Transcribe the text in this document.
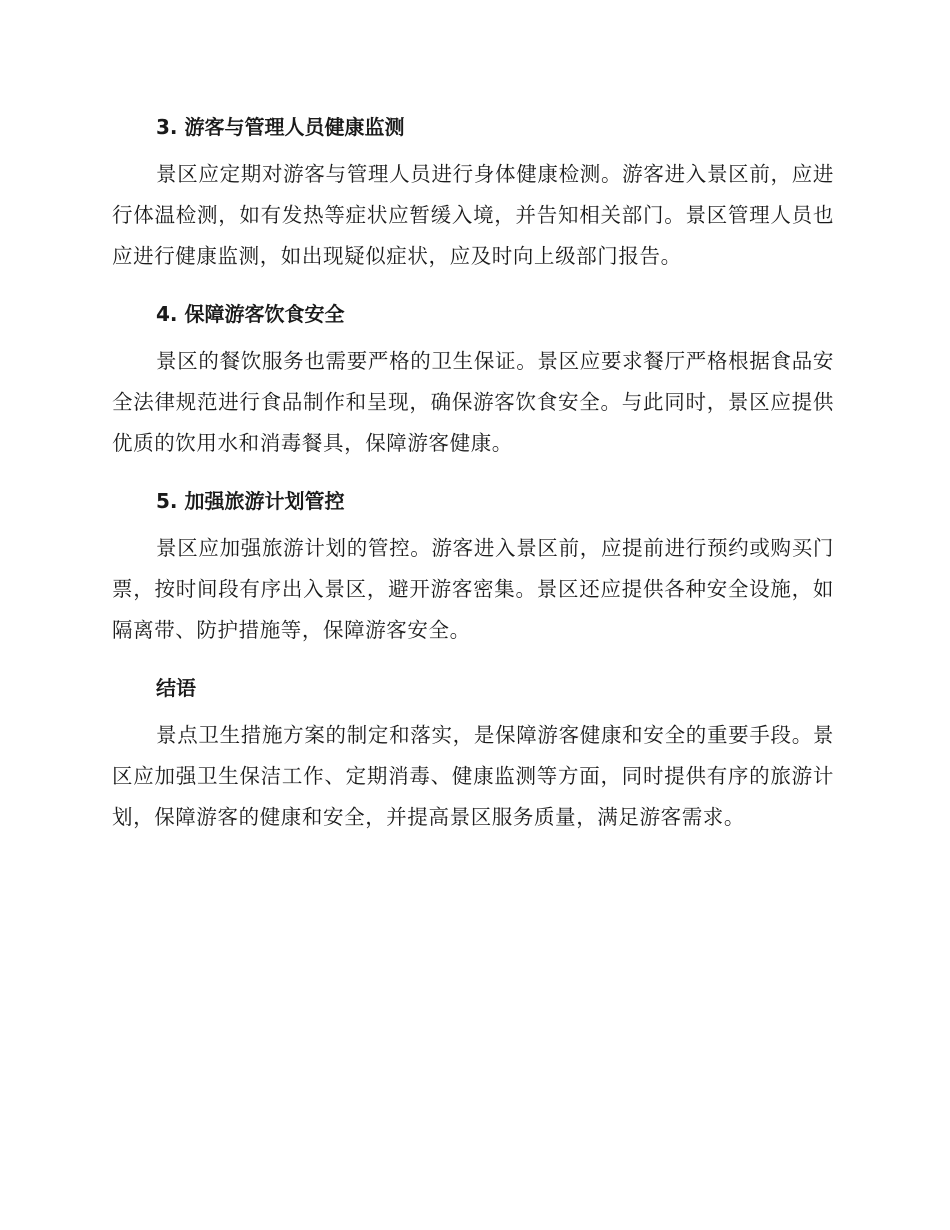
3. 游客与管理人员健康监测

景区应定期对游客与管理人员进行身体健康检测。游客进入景区前，应进行体温检测，如有发热等症状应暂缓入境，并告知相关部门。景区管理人员也应进行健康监测，如出现疑似症状，应及时向上级部门报告。

4. 保障游客饮食安全

景区的餐饮服务也需要严格的卫生保证。景区应要求餐厅严格根据食品安全法律规范进行食品制作和呈现，确保游客饮食安全。与此同时，景区应提供优质的饮用水和消毒餐具，保障游客健康。

5. 加强旅游计划管控

景区应加强旅游计划的管控。游客进入景区前，应提前进行预约或购买门票，按时间段有序出入景区，避开游客密集。景区还应提供各种安全设施，如隔离带、防护措施等，保障游客安全。

结语

景点卫生措施方案的制定和落实，是保障游客健康和安全的重要手段。景区应加强卫生保洁工作、定期消毒、健康监测等方面，同时提供有序的旅游计划，保障游客的健康和安全，并提高景区服务质量，满足游客需求。
